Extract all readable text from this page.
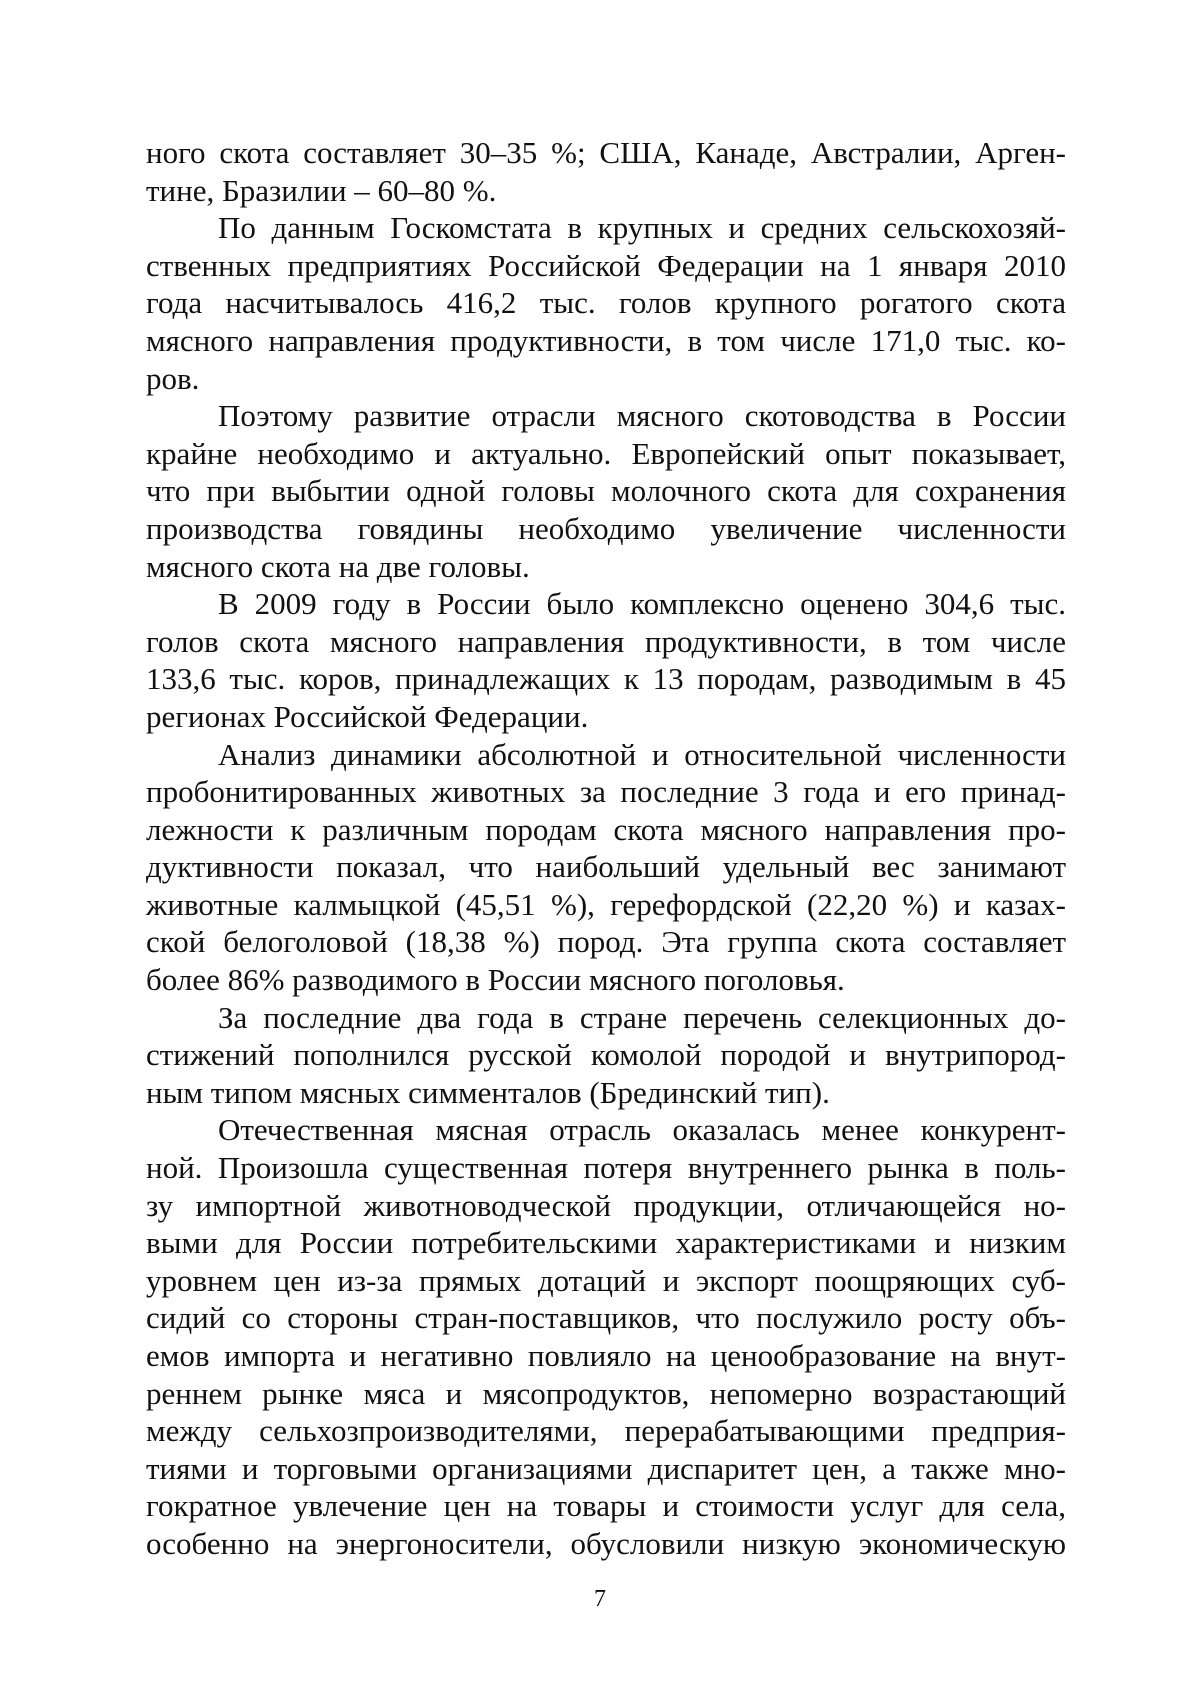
ного скота составляет 30–35 %; США, Канаде, Австралии, Арген-
тине, Бразилии – 60–80 %.
По данным Госкомстата в крупных и средних сельскохозяй-
ственных предприятиях Российской Федерации на 1 января 2010
года насчитывалось 416,2 тыс. голов крупного рогатого скота
мясного направления продуктивности, в том числе 171,0 тыс. ко-
ров.
Поэтому развитие отрасли мясного скотоводства в России
крайне необходимо и актуально. Европейский опыт показывает,
что при выбытии одной головы молочного скота для сохранения
производства говядины необходимо увеличение численности
мясного скота на две головы.
В 2009 году в России было комплексно оценено 304,6 тыс.
голов скота мясного направления продуктивности, в том числе
133,6 тыс. коров, принадлежащих к 13 породам, разводимым в 45
регионах Российской Федерации.
Анализ динамики абсолютной и относительной численности
пробонитированных животных за последние 3 года и его принад-
лежности к различным породам скота мясного направления про-
дуктивности показал, что наибольший удельный вес занимают
животные калмыцкой (45,51 %), герефордской (22,20 %) и казах-
ской белоголовой (18,38 %) пород. Эта группа скота составляет
более 86% разводимого в России мясного поголовья.
За последние два года в стране перечень селекционных до-
стижений пополнился русской комолой породой и внутрипород-
ным типом мясных симменталов (Брединский тип).
Отечественная мясная отрасль оказалась менее конкурент-
ной. Произошла существенная потеря внутреннего рынка в поль-
зу импортной животноводческой продукции, отличающейся но-
выми для России потребительскими характеристиками и низким
уровнем цен из-за прямых дотаций и экспорт поощряющих суб-
сидий со стороны стран-поставщиков, что послужило росту объ-
емов импорта и негативно повлияло на ценообразование на внут-
реннем рынке мяса и мясопродуктов, непомерно возрастающий
между сельхозпроизводителями, перерабатывающими предприя-
тиями и торговыми организациями диспаритет цен, а также мно-
гократное увлечение цен на товары и стоимости услуг для села,
особенно на энергоносители, обусловили низкую экономическую
7
